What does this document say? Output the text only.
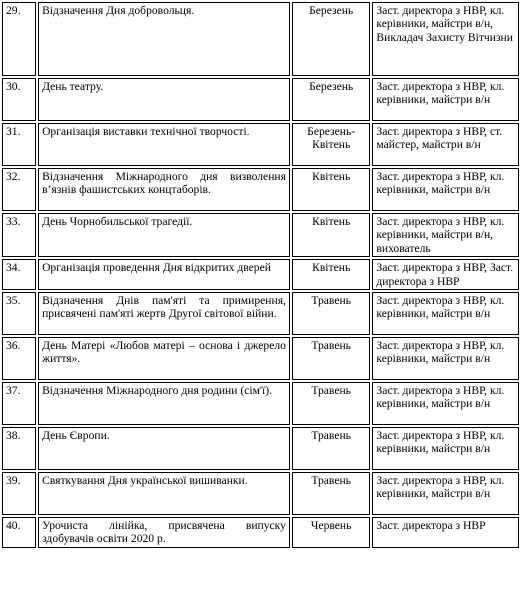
29.	Відзначення Дня добровольця.	Березень	Заст. директора з НВР, кл. керівники, майстри в/н, Викладач Захисту Вітчизни
30.	День театру.	Березень	Заст. директора з НВР, кл. керівники, майстри в/н
31.	Організація виставки технічної творчості.	Березень-Квітень	Заст. директора з НВР, ст. майстер, майстри в/н
32.	Відзначення Міжнародного дня визволення в’язнів фашистських концтаборів.	Квітень	Заст. директора з НВР, кл. керівники, майстри в/н
33.	День Чорнобильської трагедії.	Квітень	Заст. директора з НВР, кл. керівники, майстри в/н, вихователь
34.	Організація проведення Дня відкритих дверей	Квітень	Заст. директора з НВР, Заст. директора з НВР
35.	Відзначення Днів пам'яті та примирення, присвячені пам'яті жертв Другої світової війни.	Травень	Заст. директора з НВР, кл. керівники, майстри в/н
36.	День Матері «Любов матері – основа і джерело життя».	Травень	Заст. директора з НВР, кл. керівники, майстри в/н
37.	Відзначення Міжнародного дня родини (сім'ї).	Травень	Заст. директора з НВР, кл. керівники, майстри в/н
38.	День Європи.	Травень	Заст. директора з НВР, кл. керівники, майстри в/н
39.	Святкування Дня української вишиванки.	Травень	Заст. директора з НВР, кл. керівники, майстри в/н
40.	Урочиста лінійка, присвячена випуску здобувачів освіти 2020 р.	Червень	Заст. директора з НВР
